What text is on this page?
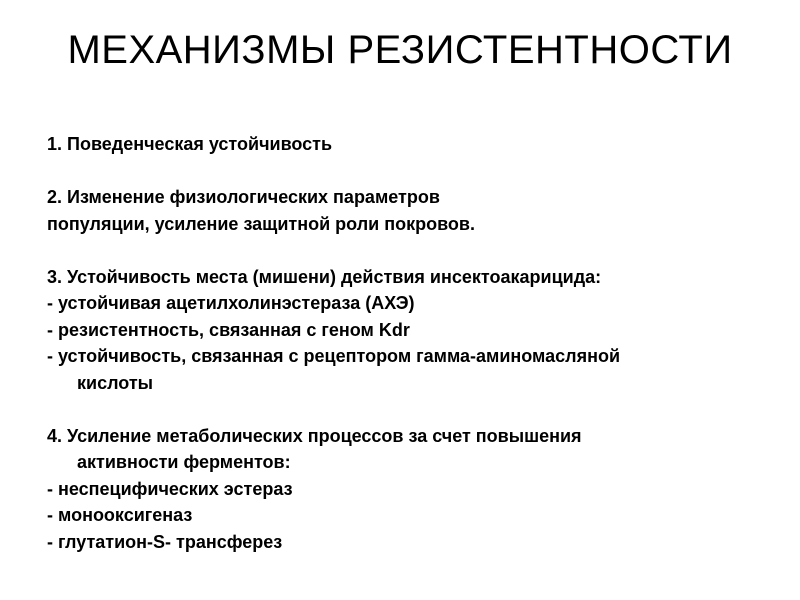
МЕХАНИЗМЫ РЕЗИСТЕНТНОСТИ
1. Поведенческая устойчивость
2. Изменение физиологических параметров
популяции, усиление защитной роли покровов.
3. Устойчивость места (мишени) действия инсектоакарицида:
- устойчивая ацетилхолинэстераза (АХЭ)
- резистентность, связанная с геном Kdr
- устойчивость, связанная с рецептором гамма-аминомасляной
кислоты
4. Усиление метаболических процессов за счет повышения
активности ферментов:
- неспецифических эстераз
- монооксигеназ
- глутатион-S- трансферез
